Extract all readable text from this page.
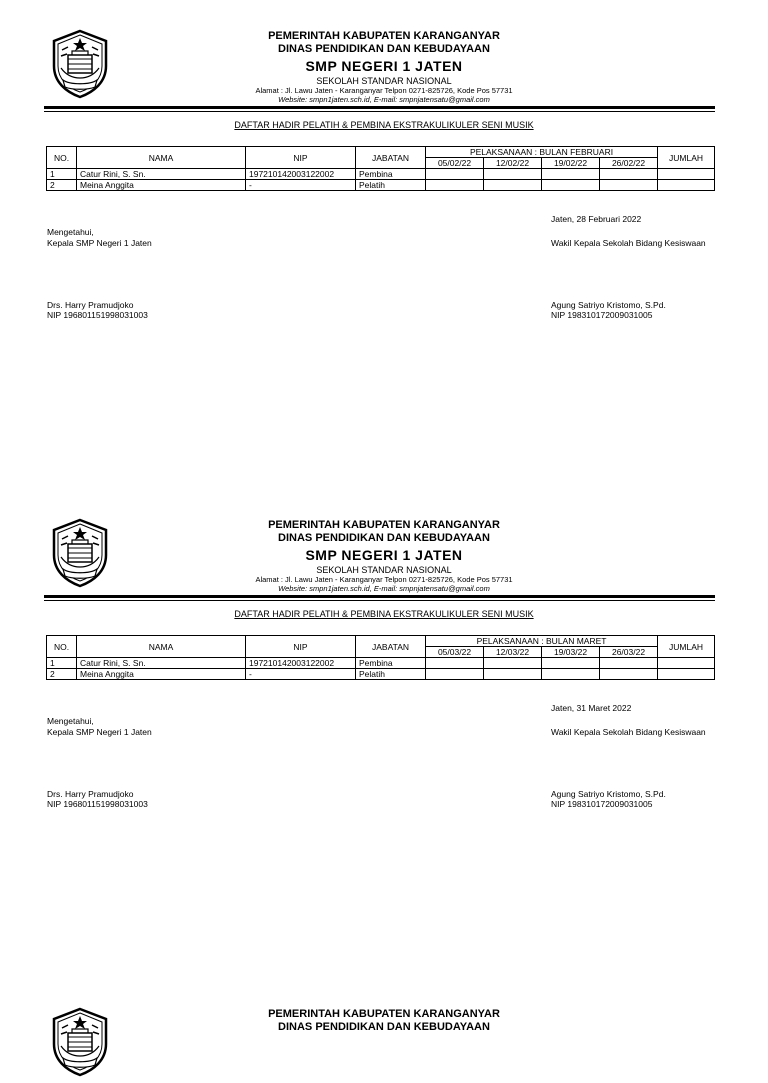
PEMERINTAH KABUPATEN KARANGANYAR
DINAS PENDIDIKAN DAN KEBUDAYAAN
SMP NEGERI 1 JATEN
SEKOLAH STANDAR NASIONAL
Alamat : Jl. Lawu Jaten - Karanganyar Telpon 0271-825726, Kode Pos 57731
Website: smpn1jaten.sch.id, E-mail: smpnjatensatu@gmail.com
DAFTAR HADIR PELATIH & PEMBINA EKSTRAKULIKULER SENI MUSIK
NO.	NAMA	NIP	JABATAN	PELAKSANAAN : BULAN FEBRUARI				JUMLAH
				05/02/22	12/02/22	19/02/22	26/02/22	
1	Catur Rini, S. Sn.	197210142003122002	Pembina					
2	Meina Anggita	-	Pelatih					
Jaten, 28 Februari 2022
Mengetahui,
Kepala SMP Negeri 1 Jaten	Wakil Kepala Sekolah Bidang Kesiswaan
Drs. Harry Pramudjoko
NIP 196801151998031003
Agung Satriyo Kristomo, S.Pd.
NIP 198310172009031005
PEMERINTAH KABUPATEN KARANGANYAR
DINAS PENDIDIKAN DAN KEBUDAYAAN
SMP NEGERI 1 JATEN
SEKOLAH STANDAR NASIONAL
Alamat : Jl. Lawu Jaten - Karanganyar Telpon 0271-825726, Kode Pos 57731
Website: smpn1jaten.sch.id, E-mail: smpnjatensatu@gmail.com
DAFTAR HADIR PELATIH & PEMBINA EKSTRAKULIKULER SENI MUSIK
NO.	NAMA	NIP	JABATAN	PELAKSANAAN : BULAN MARET				JUMLAH
				05/03/22	12/03/22	19/03/22	26/03/22	
1	Catur Rini, S. Sn.	197210142003122002	Pembina					
2	Meina Anggita	-	Pelatih					
Jaten, 31 Maret 2022
Mengetahui,
Kepala SMP Negeri 1 Jaten	Wakil Kepala Sekolah Bidang Kesiswaan
Drs. Harry Pramudjoko
NIP 196801151998031003
Agung Satriyo Kristomo, S.Pd.
NIP 198310172009031005
PEMERINTAH KABUPATEN KARANGANYAR
DINAS PENDIDIKAN DAN KEBUDAYAAN
